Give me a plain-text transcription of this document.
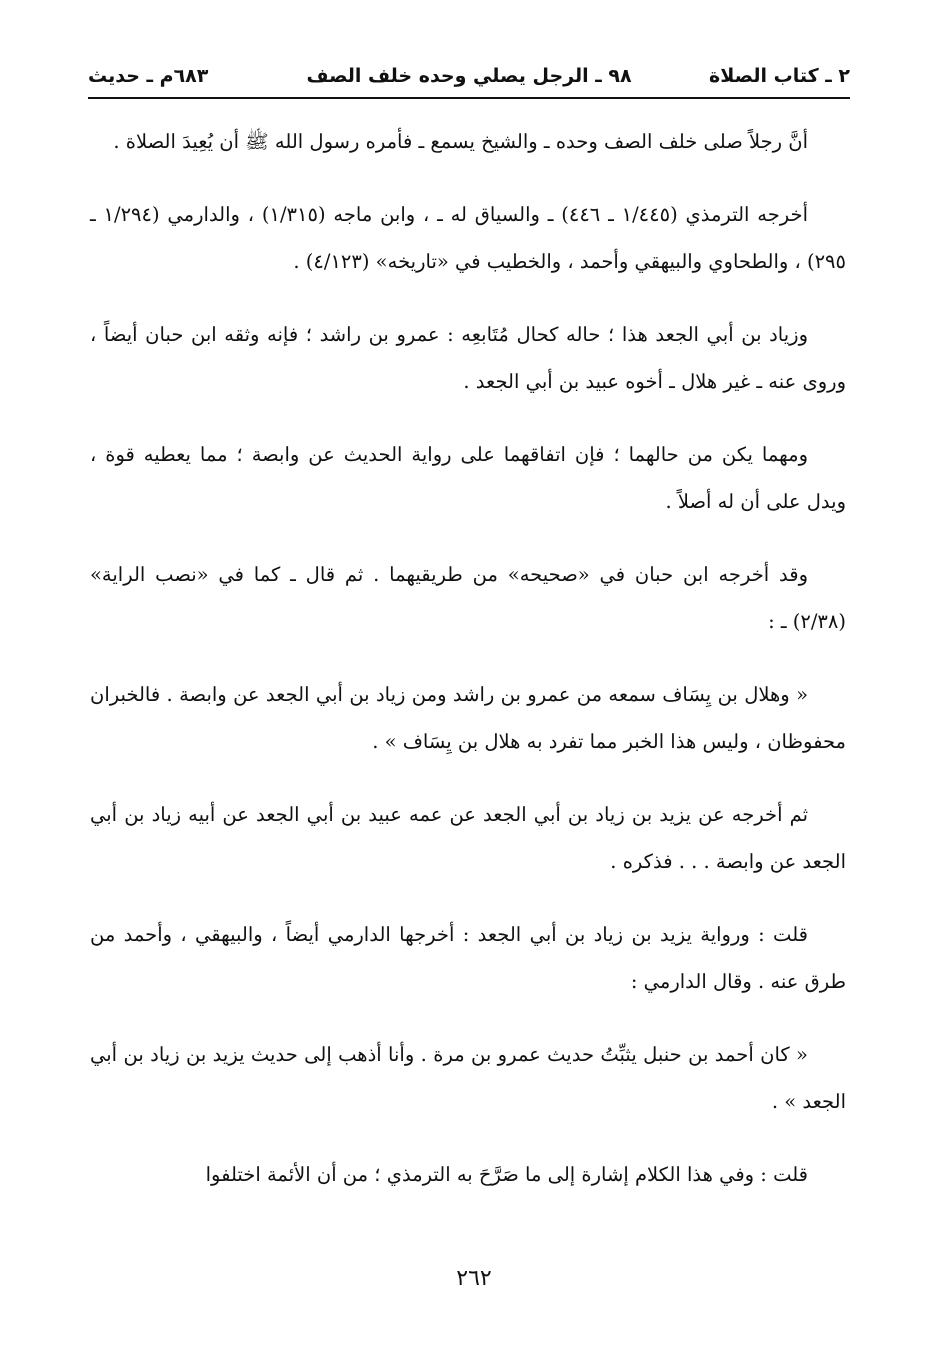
٢ ـ كتاب الصلاة
٩٨ ـ الرجل يصلي وحده خلف الصف
٦٨٣م ـ حديث

أنَّ رجلاً صلى خلف الصف وحده ـ والشيخ يسمع ـ فأمره رسول الله ﷺ أن يُعِيدَ الصلاة .

أخرجه الترمذي (١/٤٤٥ ـ ٤٤٦) ـ والسياق له ـ ، وابن ماجه (١/٣١٥) ، والدارمي (١/٢٩٤ ـ ٢٩٥) ، والطحاوي والبيهقي وأحمد ، والخطيب في «تاريخه» (٤/١٢٣) .

وزياد بن أبي الجعد هذا ؛ حاله كحال مُتَابعِه : عمرو بن راشد ؛ فإنه وثقه ابن حبان أيضاً ، وروى عنه ـ غير هلال ـ أخوه عبيد بن أبي الجعد .

ومهما يكن من حالهما ؛ فإن اتفاقهما على رواية الحديث عن وابصة ؛ مما يعطيه قوة ، ويدل على أن له أصلاً .

وقد أخرجه ابن حبان في «صحيحه» من طريقيهما . ثم قال ـ كما في «نصب الراية» (٢/٣٨) ـ :

« وهلال بن يِسَاف سمعه من عمرو بن راشد ومن زياد بن أبي الجعد عن وابصة . فالخبران محفوظان ، وليس هذا الخبر مما تفرد به هلال بن يِسَاف » .

ثم أخرجه عن يزيد بن زياد بن أبي الجعد عن عمه عبيد بن أبي الجعد عن أبيه زياد بن أبي الجعد عن وابصة . . . فذكره .

قلت : ورواية يزيد بن زياد بن أبي الجعد : أخرجها الدارمي أيضاً ، والبيهقي ، وأحمد من طرق عنه . وقال الدارمي :

« كان أحمد بن حنبل يثبِّتُ حديث عمرو بن مرة . وأنا أذهب إلى حديث يزيد بن زياد بن أبي الجعد » .

قلت : وفي هذا الكلام إشارة إلى ما صَرَّحَ به الترمذي ؛ من أن الأئمة اختلفوا

٢٦٢
